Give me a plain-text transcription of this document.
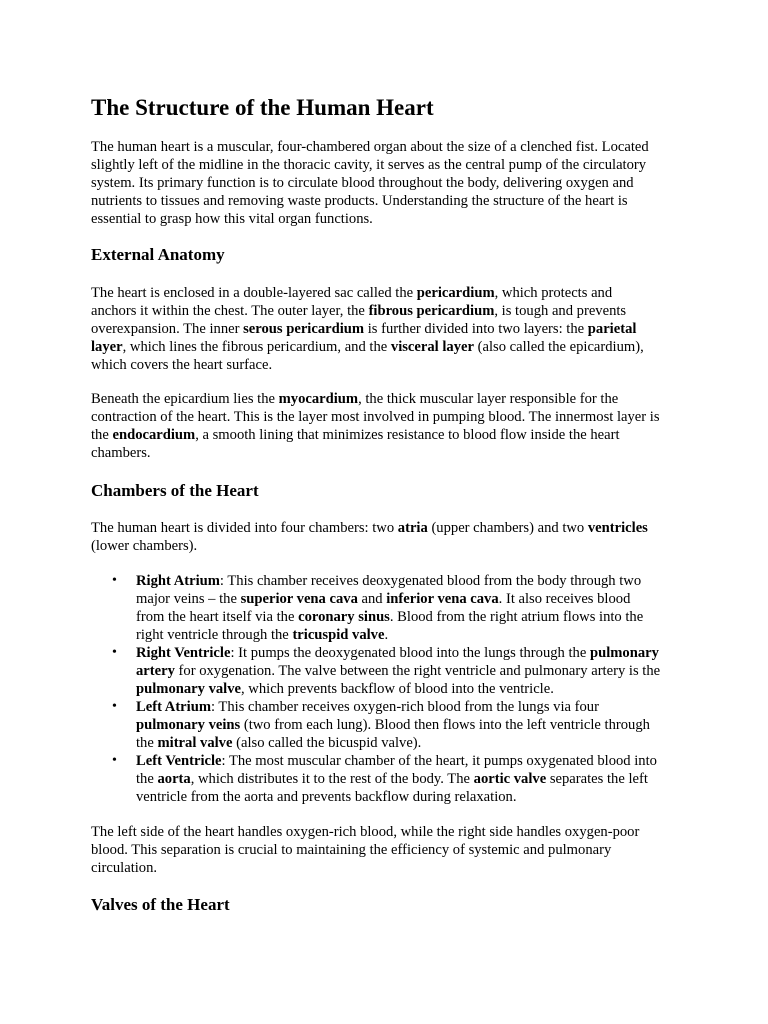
The Structure of the Human Heart

The human heart is a muscular, four-chambered organ about the size of a clenched fist. Located
slightly left of the midline in the thoracic cavity, it serves as the central pump of the circulatory
system. Its primary function is to circulate blood throughout the body, delivering oxygen and
nutrients to tissues and removing waste products. Understanding the structure of the heart is
essential to grasp how this vital organ functions.

External Anatomy

The heart is enclosed in a double-layered sac called the pericardium, which protects and
anchors it within the chest. The outer layer, the fibrous pericardium, is tough and prevents
overexpansion. The inner serous pericardium is further divided into two layers: the parietal
layer, which lines the fibrous pericardium, and the visceral layer (also called the epicardium),
which covers the heart surface.

Beneath the epicardium lies the myocardium, the thick muscular layer responsible for the
contraction of the heart. This is the layer most involved in pumping blood. The innermost layer is
the endocardium, a smooth lining that minimizes resistance to blood flow inside the heart
chambers.

Chambers of the Heart

The human heart is divided into four chambers: two atria (upper chambers) and two ventricles
(lower chambers).

• Right Atrium: This chamber receives deoxygenated blood from the body through two
major veins – the superior vena cava and inferior vena cava. It also receives blood
from the heart itself via the coronary sinus. Blood from the right atrium flows into the
right ventricle through the tricuspid valve.
• Right Ventricle: It pumps the deoxygenated blood into the lungs through the pulmonary
artery for oxygenation. The valve between the right ventricle and pulmonary artery is the
pulmonary valve, which prevents backflow of blood into the ventricle.
• Left Atrium: This chamber receives oxygen-rich blood from the lungs via four
pulmonary veins (two from each lung). Blood then flows into the left ventricle through
the mitral valve (also called the bicuspid valve).
• Left Ventricle: The most muscular chamber of the heart, it pumps oxygenated blood into
the aorta, which distributes it to the rest of the body. The aortic valve separates the left
ventricle from the aorta and prevents backflow during relaxation.

The left side of the heart handles oxygen-rich blood, while the right side handles oxygen-poor
blood. This separation is crucial to maintaining the efficiency of systemic and pulmonary
circulation.

Valves of the Heart
